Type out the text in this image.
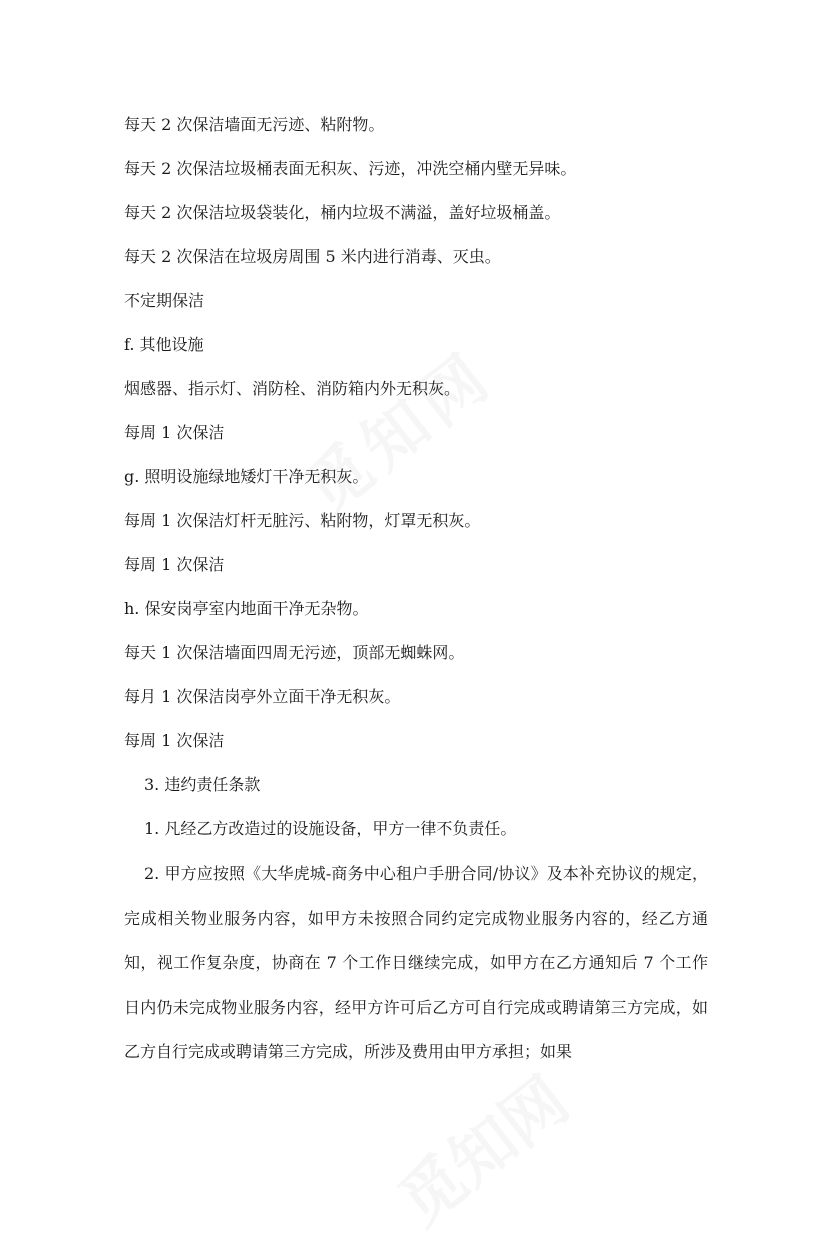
每天 2 次保洁墙面无污迹、粘附物。
每天 2 次保洁垃圾桶表面无积灰、污迹，冲洗空桶内壁无异味。
每天 2 次保洁垃圾袋装化，桶内垃圾不满溢，盖好垃圾桶盖。
每天 2 次保洁在垃圾房周围 5 米内进行消毒、灭虫。
不定期保洁
f. 其他设施
烟感器、指示灯、消防栓、消防箱内外无积灰。
每周 1 次保洁
g. 照明设施绿地矮灯干净无积灰。
每周 1 次保洁灯杆无脏污、粘附物，灯罩无积灰。
每周 1 次保洁
h. 保安岗亭室内地面干净无杂物。
每天 1 次保洁墙面四周无污迹，顶部无蜘蛛网。
每月 1 次保洁岗亭外立面干净无积灰。
每周 1 次保洁
3. 违约责任条款
1. 凡经乙方改造过的设施设备，甲方一律不负责任。
2. 甲方应按照《大华虎城-商务中心租户手册合同/协议》及本补充协议的规定，完成相关物业服务内容，如甲方未按照合同约定完成物业服务内容的，经乙方通知，视工作复杂度，协商在 7 个工作日继续完成，如甲方在乙方通知后 7 个工作日内仍未完成物业服务内容，经甲方许可后乙方可自行完成或聘请第三方完成，如乙方自行完成或聘请第三方完成，所涉及费用由甲方承担；如果
